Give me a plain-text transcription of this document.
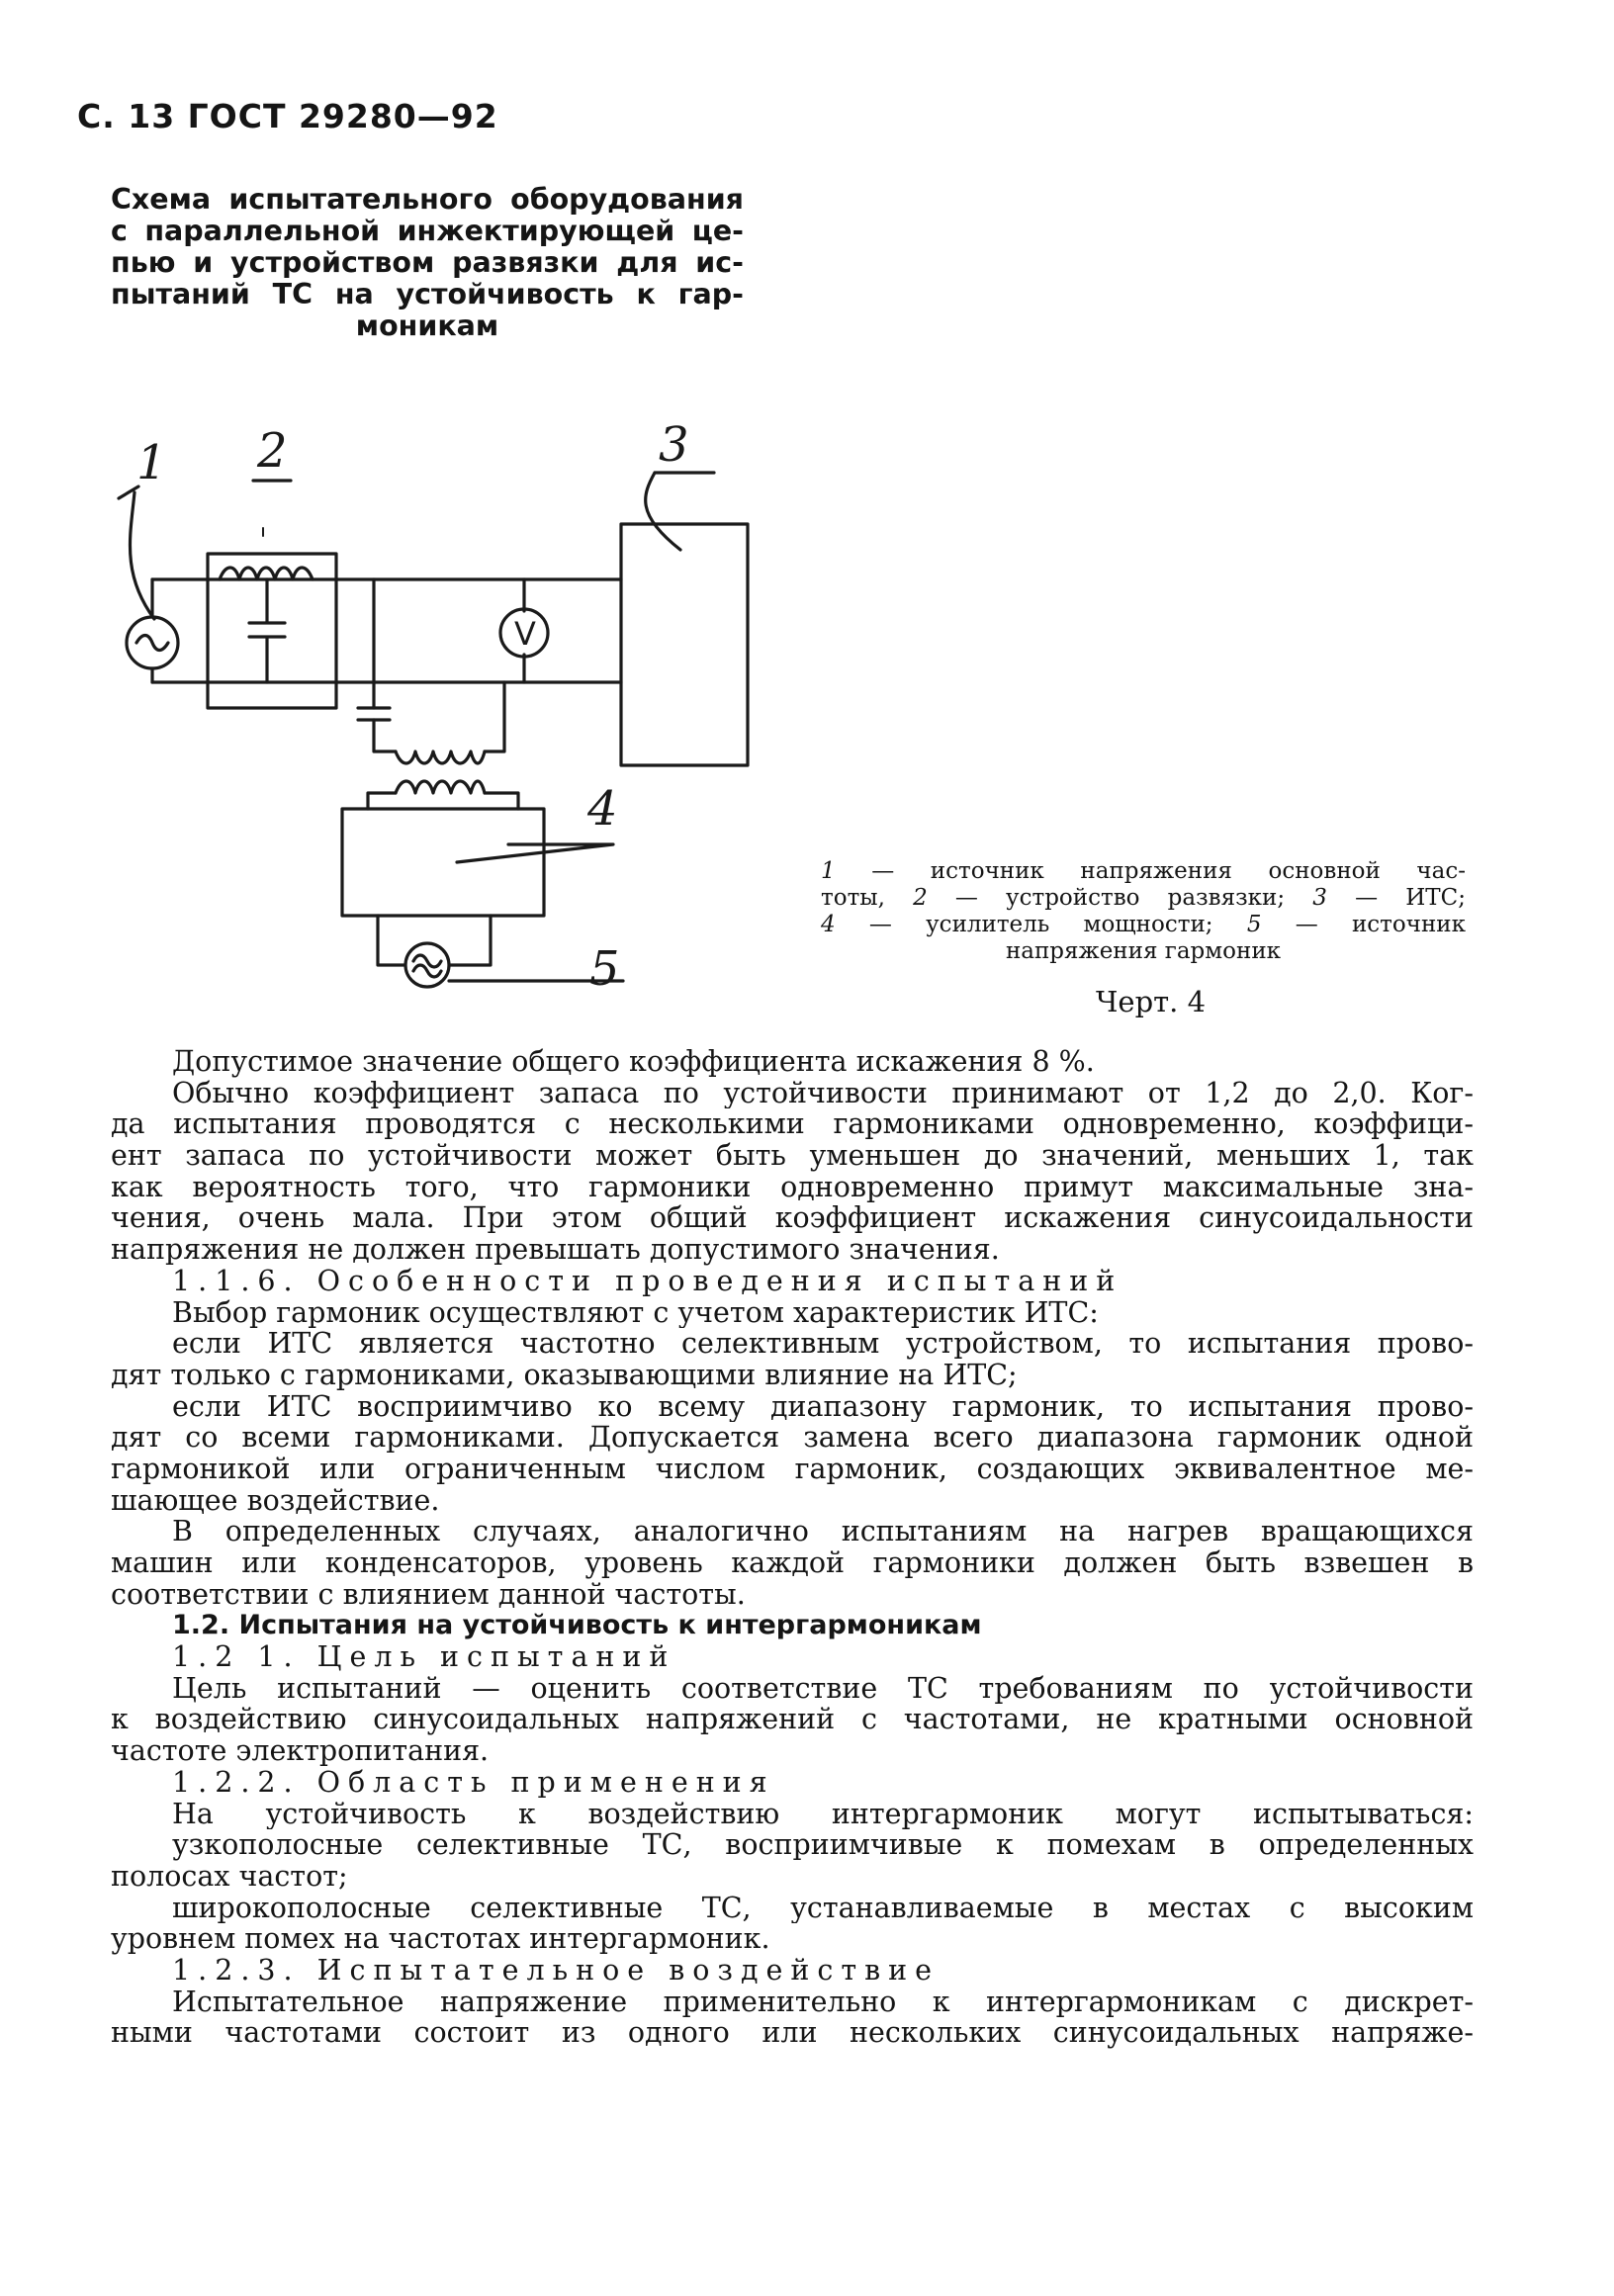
С. 13 ГОСТ 29280—92
Схема испытательного оборудования
с параллельной инжектирующей це-
пью и устройством развязки для ис-
пытаний ТС на устойчивость к гар-
моникам
1 2	3
V
4
5
1 — источник напряжения основной час-
тоты, 2 — устройство развязки; 3 — ИТС;
4 — усилитель мощности; 5 — источник
напряжения гармоник
Черт. 4
Допустимое значение общего коэффициента искажения 8 %.
Обычно коэффициент запаса по устойчивости принимают от 1,2 до 2,0. Ког-
да испытания проводятся с несколькими гармониками одновременно, коэффици-
ент запаса по устойчивости может быть уменьшен до значений, меньших 1, так
как вероятность того, что гармоники одновременно примут максимальные зна-
чения, очень мала. При этом общий коэффициент искажения синусоидальности
напряжения не должен превышать допустимого значения.
1.1.6. Особенности проведения испытаний
Выбор гармоник осуществляют с учетом характеристик ИТС:
если ИТС является частотно селективным устройством, то испытания прово-
дят только с гармониками, оказывающими влияние на ИТС;
если ИТС восприимчиво ко всему диапазону гармоник, то испытания прово-
дят со всеми гармониками. Допускается замена всего диапазона гармоник одной
гармоникой или ограниченным числом гармоник, создающих эквивалентное ме-
шающее воздействие.
В определенных случаях, аналогично испытаниям на нагрев вращающихся
машин или конденсаторов, уровень каждой гармоники должен быть взвешен в
соответствии с влиянием данной частоты.
1.2. Испытания на устойчивость к интергармоникам
1.2 1. Цель испытаний
Цель испытаний — оценить соответствие ТС требованиям по устойчивости
к воздействию синусоидальных напряжений с частотами, не кратными основной
частоте электропитания.
1.2.2. Область применения
На устойчивость к воздействию интергармоник могут испытываться:
узкополосные селективные ТС, восприимчивые к помехам в определенных
полосах частот;
широкополосные селективные ТС, устанавливаемые в местах с высоким
уровнем помех на частотах интергармоник.
1.2.3. Испытательное воздействие
Испытательное напряжение применительно к интергармоникам с дискрет-
ными частотами состоит из одного или нескольких синусоидальных напряже-
